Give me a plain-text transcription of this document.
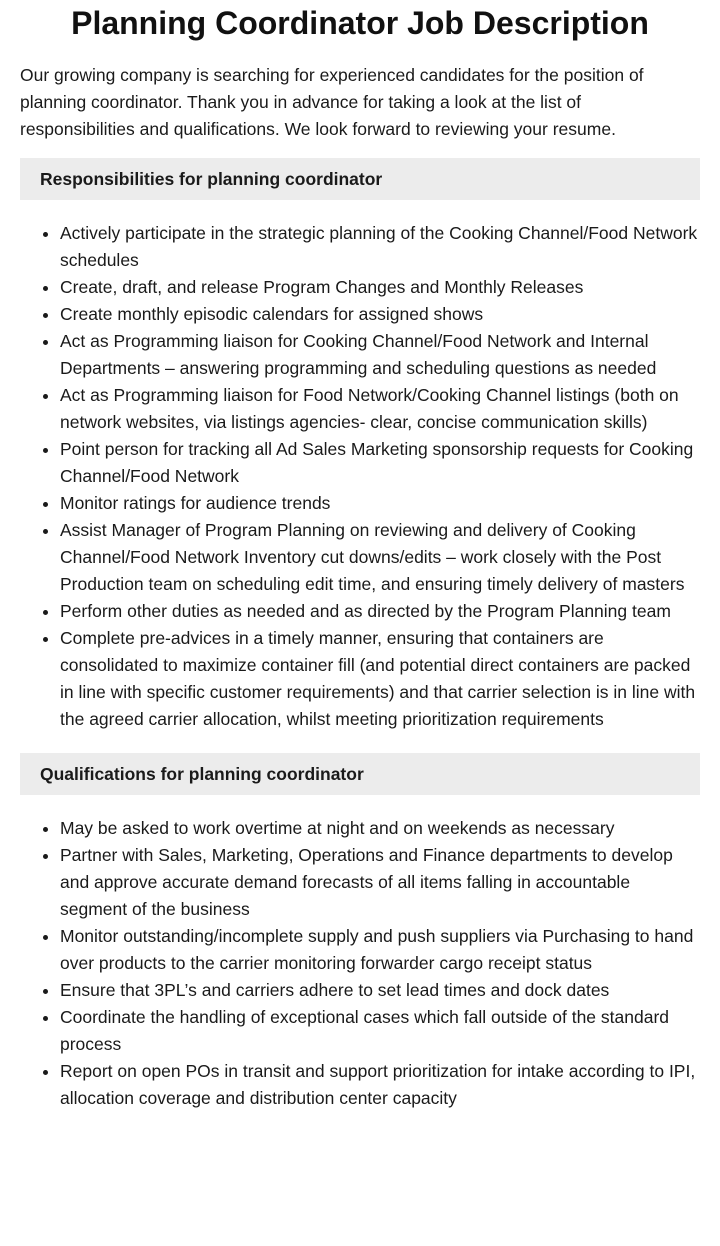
Planning Coordinator Job Description

Our growing company is searching for experienced candidates for the position of planning coordinator. Thank you in advance for taking a look at the list of responsibilities and qualifications. We look forward to reviewing your resume.

Responsibilities for planning coordinator
• Actively participate in the strategic planning of the Cooking Channel/Food Network schedules
• Create, draft, and release Program Changes and Monthly Releases
• Create monthly episodic calendars for assigned shows
• Act as Programming liaison for Cooking Channel/Food Network and Internal Departments – answering programming and scheduling questions as needed
• Act as Programming liaison for Food Network/Cooking Channel listings (both on network websites, via listings agencies- clear, concise communication skills)
• Point person for tracking all Ad Sales Marketing sponsorship requests for Cooking Channel/Food Network
• Monitor ratings for audience trends
• Assist Manager of Program Planning on reviewing and delivery of Cooking Channel/Food Network Inventory cut downs/edits – work closely with the Post Production team on scheduling edit time, and ensuring timely delivery of masters
• Perform other duties as needed and as directed by the Program Planning team
• Complete pre-advices in a timely manner, ensuring that containers are consolidated to maximize container fill (and potential direct containers are packed in line with specific customer requirements) and that carrier selection is in line with the agreed carrier allocation, whilst meeting prioritization requirements
Qualifications for planning coordinator
• May be asked to work overtime at night and on weekends as necessary
• Partner with Sales, Marketing, Operations and Finance departments to develop and approve accurate demand forecasts of all items falling in accountable segment of the business
• Monitor outstanding/incomplete supply and push suppliers via Purchasing to hand over products to the carrier monitoring forwarder cargo receipt status
• Ensure that 3PL’s and carriers adhere to set lead times and dock dates
• Coordinate the handling of exceptional cases which fall outside of the standard process
• Report on open POs in transit and support prioritization for intake according to IPI, allocation coverage and distribution center capacity
